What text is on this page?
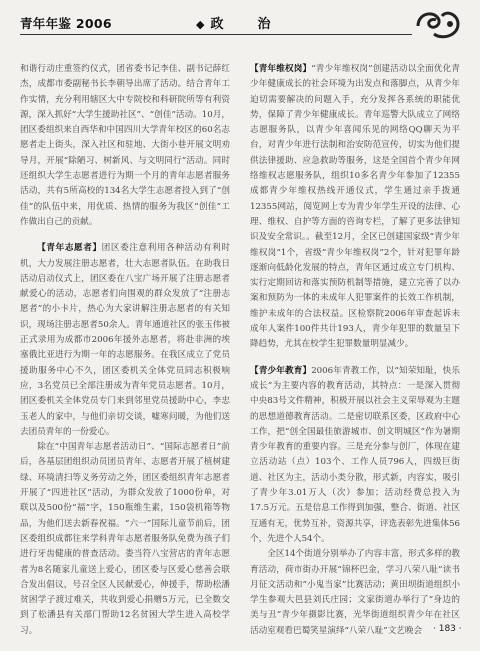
青年年鉴 2006	◆ 政	治

和谐行动庄重签约仪式，团省委书记李佳、副书记薛红杰，成都市委副秘书长李朝导出席了活动。结合青年工作实情，充分利用辖区大中专院校和科研院所等有利资源，深入抓好“大学生援助社区”、“创佳”活动。10月，团区委组织来自西华和中国四川大学青年校区的60名志愿者走上街头，深入社区和驻地、大街小巷开展文明劝导月，开展“除陋习、树新风、与文明同行”活动。同时还组织大学生志愿者进行为期一个月的青年志愿者服务活动，共有5所高校的134名大学生志愿者投入到了“创佳”的队伍中来，用优质、热情的服务为我区“创佳”工作做出自己的贡献。

【青年志愿者】团区委注意利用各种活动有利时机，大力发展注册志愿者，壮大志愿者队伍。在助我日活动启动仪式上，团区委在八宝广场开展了注册志愿者献爱心的活动，志愿者们向围观的群众发放了“注册志愿者”的小卡片，热心为大家讲解注册志愿者的有关知识，现场注册志愿者50余人。青年通道社区的张玉伟被正式录用为成都市2006年援外志愿者，将赴非洲的埃塞俄比亚进行为期一年的志愿服务。在我区成立了党员援助服务中心不久，团区委机关全体党员同志积极响应，3名党员已全部注册成为青年党员志愿者。10月，团区委机关全体党员专门来到邻里党员援助中心，李忠玉老人的家中，与他们亲切交谈，嘘寒问暖，为他们送去团员青年的一份爱心。

除在“中国青年志愿者活动日”、“国际志愿者日”前后，各基层团组织动员团员青年、志愿者开展了植树建绿、环境清扫等义务劳动之外，团区委组织青年志愿者开展了“四进社区”活动，为群众发放了1000份单，对联以及500份“福”字，150瓶维生素，150袋机箱等物品，为他们送去新春祝福。“六一”国际儿童节前后，团区委组织成都往来学科青年志愿者服务队免费为孩子们进行牙齿健康的普查活动。娄当符八宝营店的青年志愿者为8名随家儿童送上爱心，团区委与区爱心慈善会联合发出倡议，号召全区人民献爱心，伸援手，帮助松潘贫困学子渡过难关，共收到爱心捐赠5万元，已全数交到了松潘县有关部门帮助12名贫困大学生进入高校学习。

【青年维权岗】“青少年维权岗”创建活动以全面优化青少年健康成长的社会环境为出发点和落脚点，从青少年迫切需要解决的问题入手，充分发挥各系统的职能优势，保障了青少年健康成长。青年巡警大队成立了网络志愿服务队，以青少年喜闻乐见的网络QQ聊天为平台，对青少年进行法制和治安防范宣传，切实为他们提供法律援助、应急救助等服务，这是全国首个青少年网络维权志愿服务队，组织10多名青少年参加了12355成都青少年维权热线开通仪式，学生通过亲手拨通12355网站，阅览网上专为青少年学生开设的法律、心理、维权、自护等方面的咨询专栏，了解了更多法律知识及安全常识。。截至12月，全区已创建国家级“青少年维权岗”1个，省级“青少年维权岗”2个，针对犯罪年龄逐渐向低龄化发展的特点，青年区通过成立专门机构、实行定期回访和落实预防机制等措施，建立完善了以办案和预防为一体的未成年人犯罪案件的长效工作机制，维护未成年的合法权益。区检察院2006年审查起诉未成年人案件100件共计193人，青少年犯罪的数量呈下降趋势，尤其在校学生犯罪数量明显减少。

【青少年教育】2006年青教工作，以“知荣知耻，快乐成长”为主要内容的教育活动，其特点：一是深入贯彻中央83号文件精神，积极开展以社会主义荣辱观为主题的思想道德教育活动。二是密切联系区委，区政府中心工作，把“创全国最佳旅游城市、创文明城区”作为暑期青少年教育的重要内容。三是充分参与创厂，体现在建立活动站（点）103个、工作人员796人，四级巨街道、社区为主，活动小类分散，形式新，内容实，吸引了青少年3.01万人（次）参加；活动经费总投入为17.5万元。五是信息工作得到加强，整合、街道、社区互通有无，优势互补，资源共享，评选表彰先进集体56个，先进个人54个。

全区14个街道分别举办了内容丰富，形式多样的教育活动，荷市街办开展“锦杯巴金，学习八荣八耻”读书月征文活动和“小鬼当家”比赛活动；黄田坝街道组织小学生参观大邑县刘氏庄园；文家街道办举行了“身边的美与丑”青少年摄影比赛，光华街道组织青少年在社区活动室观看巴蜀笑星演绎“八荣八耻”文艺晚会	· 183 ·
